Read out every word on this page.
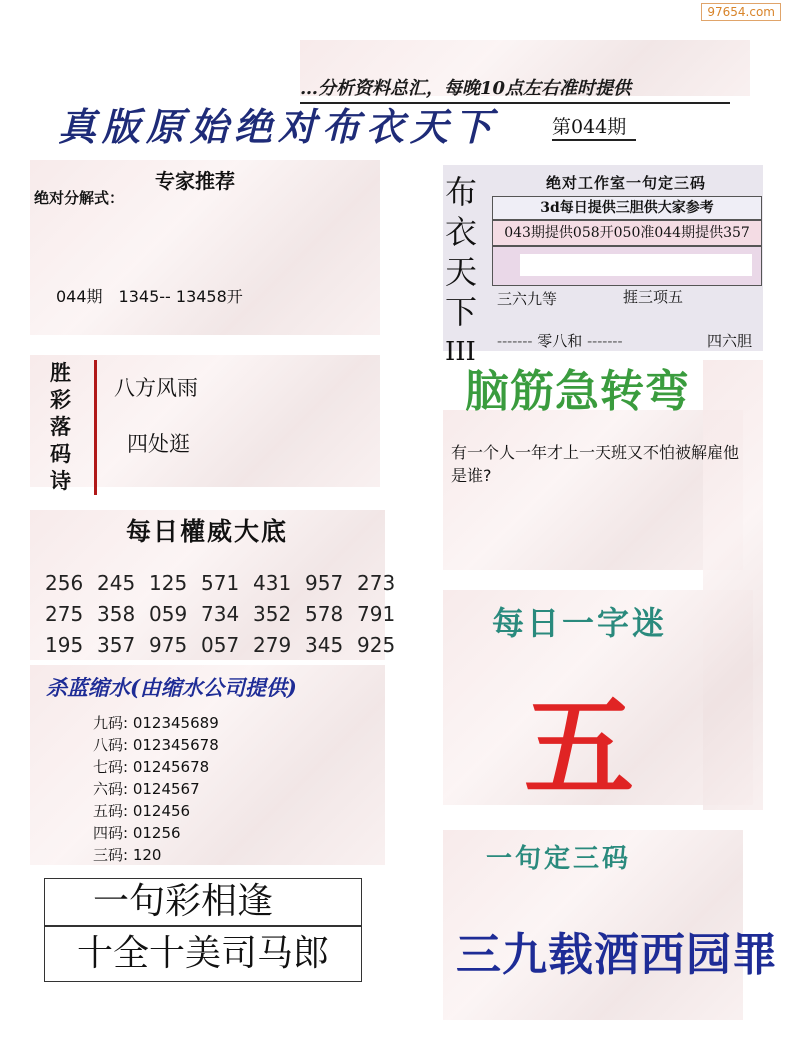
97654.com
…分析资料总汇，每晚10点左右准时提供
真版原始绝对布衣天下	第044期
专家推荐
绝对分解式：
044期　1345-- 13458开
胜
彩
落
码
诗
八方风雨
四处逛
每日權威大底
256 245 125 571 431 957 273
275 358 059 734 352 578 791
195 357 975 057 279 345 925
杀蓝缩水(由缩水公司提供)
九码: 012345689
八码: 012345678
七码: 01245678
六码: 0124567
五码: 012456
四码: 01256
三码: 120
一句彩相逢
十全十美司马郎
布
衣
天
下
III
绝对工作室一句定三码
3d每日提供三胆供大家参考
043期提供058开050准044期提供357
三六九等	捱三项五
------- 零八和 -------	四六胆
脑筋急转弯
有一个人一年才上一天班又不怕被解雇他是谁?
每日一字迷
五
一句定三码
三九载酒西园罪
